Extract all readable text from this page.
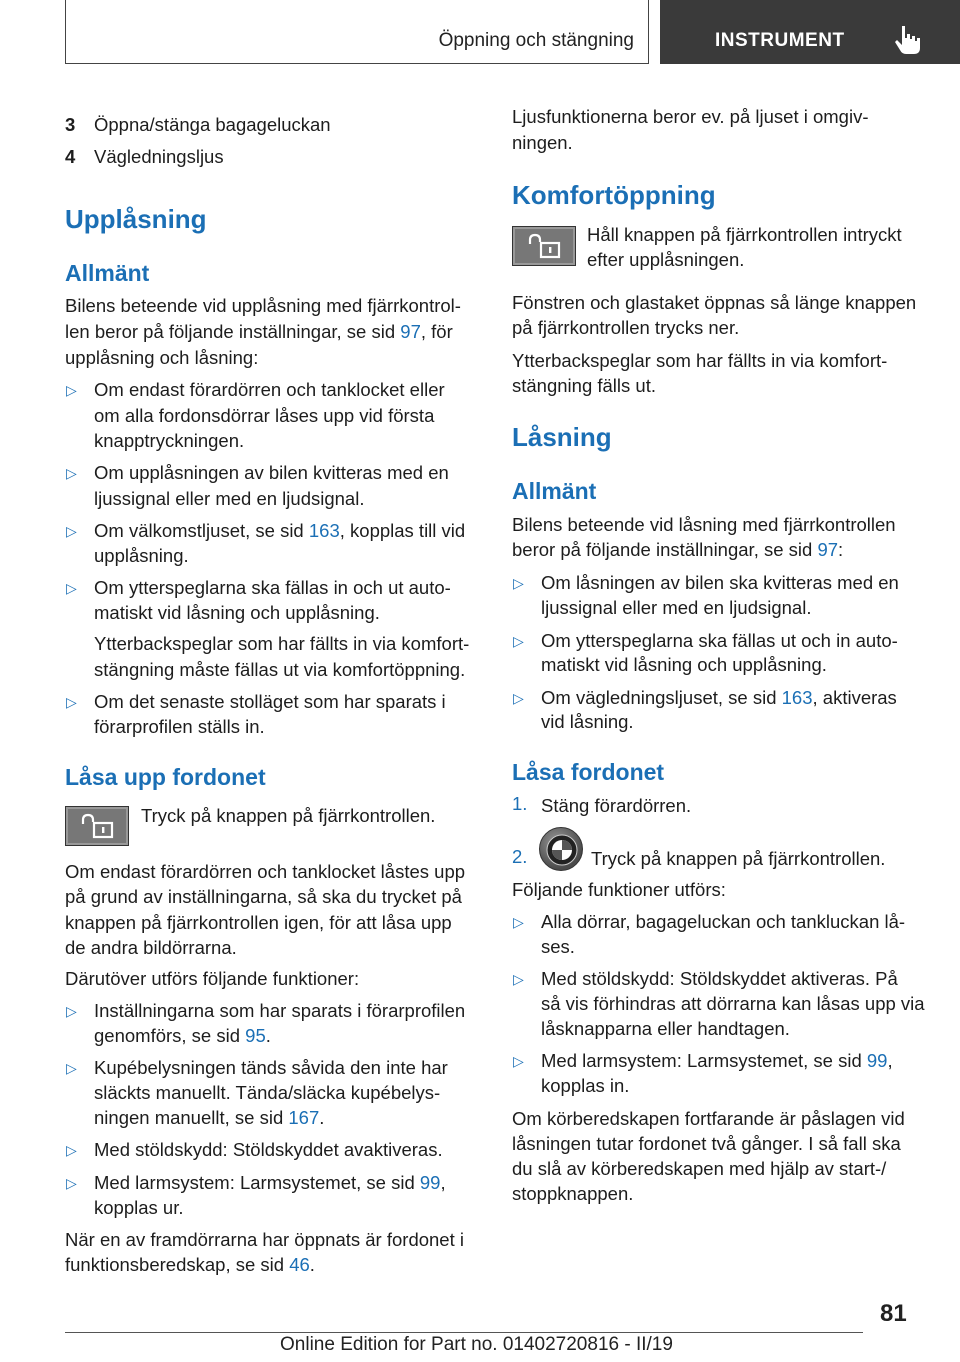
Öppning och stängning	INSTRUMENT
3 Öppna/stänga bagageluckan
4 Vägledningsljus
Upplåsning
Allmänt
Bilens beteende vid upplåsning med fjärrkontrol-
len beror på följande inställningar, se sid 97, för
upplåsning och låsning:
▷ Om endast förardörren och tanklocket eller
om alla fordonsdörrar låses upp vid första
knapptryckningen.
▷ Om upplåsningen av bilen kvitteras med en
ljussignal eller med en ljudsignal.
▷ Om välkomstljuset, se sid 163, kopplas till vid
upplåsning.
▷ Om ytterspeglarna ska fällas in och ut auto-
matiskt vid låsning och upplåsning.
Ytterbackspeglar som har fällts in via komfort-
stängning måste fällas ut via komfortöppning.
▷ Om det senaste stolläget som har sparats i
förarprofilen ställs in.
Låsa upp fordonet
Tryck på knappen på fjärrkontrollen.
Om endast förardörren och tanklocket låstes upp
på grund av inställningarna, så ska du trycket på
knappen på fjärrkontrollen igen, för att låsa upp
de andra bildörrarna.
Därutöver utförs följande funktioner:
▷ Inställningarna som har sparats i förarprofilen
genomförs, se sid 95.
▷ Kupébelysningen tänds såvida den inte har
släckts manuellt. Tända/släcka kupébelys-
ningen manuellt, se sid 167.
▷ Med stöldskydd: Stöldskyddet avaktiveras.
▷ Med larmsystem: Larmsystemet, se sid 99,
kopplas ur.
När en av framdörrarna har öppnats är fordonet i
funktionsberedskap, se sid 46.
Ljusfunktionerna beror ev. på ljuset i omgiv-
ningen.
Komfortöppning
Håll knappen på fjärrkontrollen intryckt
efter upplåsningen.
Fönstren och glastaket öppnas så länge knappen
på fjärrkontrollen trycks ner.
Ytterbackspeglar som har fällts in via komfort-
stängning fälls ut.
Låsning
Allmänt
Bilens beteende vid låsning med fjärrkontrollen
beror på följande inställningar, se sid 97:
▷ Om låsningen av bilen ska kvitteras med en
ljussignal eller med en ljudsignal.
▷ Om ytterspeglarna ska fällas ut och in auto-
matiskt vid låsning och upplåsning.
▷ Om vägledningsljuset, se sid 163, aktiveras
vid låsning.
Låsa fordonet
1. Stäng förardörren.
2.	Tryck på knappen på fjärrkontrollen.
Följande funktioner utförs:
▷ Alla dörrar, bagageluckan och tankluckan lå-
ses.
▷ Med stöldskydd: Stöldskyddet aktiveras. På
så vis förhindras att dörrarna kan låsas upp via
låsknapparna eller handtagen.
▷ Med larmsystem: Larmsystemet, se sid 99,
kopplas in.
Om körberedskapen fortfarande är påslagen vid
låsningen tutar fordonet två gånger. I så fall ska
du slå av körberedskapen med hjälp av start-/
stoppknappen.
81
Online Edition for Part no. 01402720816 - II/19
